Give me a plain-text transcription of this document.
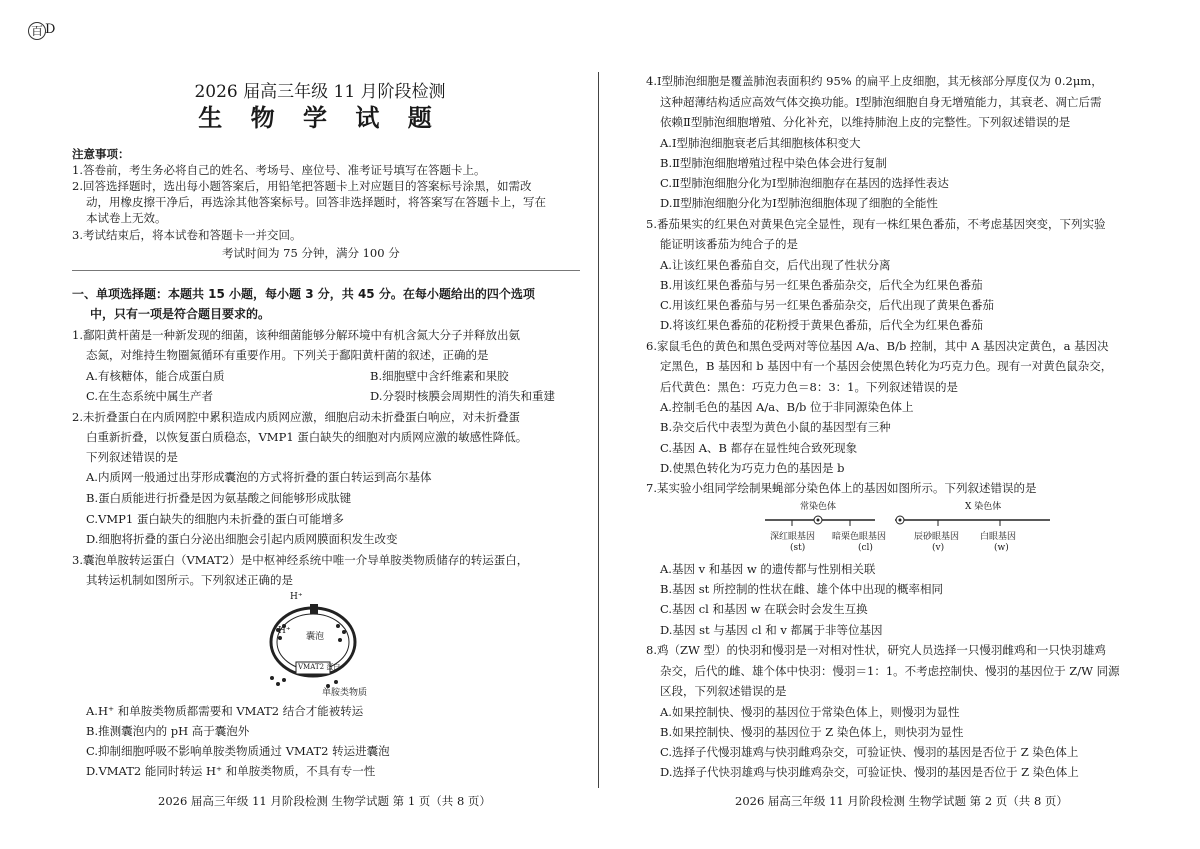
百 D
2026 届高三年级 11 月阶段检测
生 物 学 试 题
注意事项：
1.答卷前，考生务必将自己的姓名、考场号、座位号、准考证号填写在答题卡上。
2.回答选择题时，选出每小题答案后，用铅笔把答题卡上对应题目的答案标号涂黑，如需改
动，用橡皮擦干净后，再选涂其他答案标号。回答非选择题时，将答案写在答题卡上，写在
本试卷上无效。
3.考试结束后，将本试卷和答题卡一并交回。
考试时间为 75 分钟，满分 100 分
一、单项选择题：本题共 15 小题，每小题 3 分，共 45 分。在每小题给出的四个选项
中，只有一项是符合题目要求的。
1.鄱阳黄杆菌是一种新发现的细菌，该种细菌能够分解环境中有机含氮大分子并释放出氨
态氮，对维持生物圈氮循环有重要作用。下列关于鄱阳黄杆菌的叙述，正确的是
A.有核糖体，能合成蛋白质	B.细胞壁中含纤维素和果胶
C.在生态系统中属生产者	D.分裂时核膜会周期性的消失和重建
2.未折叠蛋白在内质网腔中累积造成内质网应激，细胞启动未折叠蛋白响应，对未折叠蛋
白重新折叠，以恢复蛋白质稳态，VMP1 蛋白缺失的细胞对内质网应激的敏感性降低。
下列叙述错误的是
A.内质网一般通过出芽形成囊泡的方式将折叠的蛋白转运到高尔基体
B.蛋白质能进行折叠是因为氨基酸之间能够形成肽键
C.VMP1 蛋白缺失的细胞内未折叠的蛋白可能增多
D.细胞将折叠的蛋白分泌出细胞会引起内质网膜面积发生改变
3.囊泡单胺转运蛋白（VMAT2）是中枢神经系统中唯一介导单胺类物质储存的转运蛋白，
其转运机制如图所示。下列叙述正确的是
H⁺
H⁺
囊泡
VMAT2 蛋白
单胺类物质
A.H⁺ 和单胺类物质都需要和 VMAT2 结合才能被转运
B.推测囊泡内的 pH 高于囊泡外
C.抑制细胞呼吸不影响单胺类物质通过 VMAT2 转运进囊泡
D.VMAT2 能同时转运 H⁺ 和单胺类物质，不具有专一性
2026 届高三年级 11 月阶段检测 生物学试题 第 1 页（共 8 页）
4.Ⅰ型肺泡细胞是覆盖肺泡表面积约 95% 的扁平上皮细胞，其无核部分厚度仅为 0.2μm，
这种超薄结构适应高效气体交换功能。Ⅰ型肺泡细胞自身无增殖能力，其衰老、凋亡后需
依赖Ⅱ型肺泡细胞增殖、分化补充，以维持肺泡上皮的完整性。下列叙述错误的是
A.Ⅰ型肺泡细胞衰老后其细胞核体积变大
B.Ⅱ型肺泡细胞增殖过程中染色体会进行复制
C.Ⅱ型肺泡细胞分化为Ⅰ型肺泡细胞存在基因的选择性表达
D.Ⅱ型肺泡细胞分化为Ⅰ型肺泡细胞体现了细胞的全能性
5.番茄果实的红果色对黄果色完全显性，现有一株红果色番茄，不考虑基因突变，下列实验
能证明该番茄为纯合子的是
A.让该红果色番茄自交，后代出现了性状分离
B.用该红果色番茄与另一红果色番茄杂交，后代全为红果色番茄
C.用该红果色番茄与另一红果色番茄杂交，后代出现了黄果色番茄
D.将该红果色番茄的花粉授于黄果色番茄，后代全为红果色番茄
6.家鼠毛色的黄色和黑色受两对等位基因 A/a、B/b 控制，其中 A 基因决定黄色，a 基因决
定黑色，B 基因和 b 基因中有一个基因会使黑色转化为巧克力色。现有一对黄色鼠杂交，
后代黄色：黑色：巧克力色＝8：3：1。下列叙述错误的是
A.控制毛色的基因 A/a、B/b 位于非同源染色体上
B.杂交后代中表型为黄色小鼠的基因型有三种
C.基因 A、B 都存在显性纯合致死现象
D.使黑色转化为巧克力色的基因是 b
7.某实验小组同学绘制果蝇部分染色体上的基因如图所示。下列叙述错误的是
常染色体	X 染色体
深红眼基因
(st)
暗栗色眼基因
(cl)
辰砂眼基因
(v)
白眼基因
(w)
A.基因 v 和基因 w 的遗传都与性别相关联
B.基因 st 所控制的性状在雌、雄个体中出现的概率相同
C.基因 cl 和基因 w 在联会时会发生互换
D.基因 st 与基因 cl 和 v 都属于非等位基因
8.鸡（ZW 型）的快羽和慢羽是一对相对性状，研究人员选择一只慢羽雌鸡和一只快羽雄鸡
杂交，后代的雌、雄个体中快羽：慢羽＝1：1。不考虑控制快、慢羽的基因位于 Z/W 同源
区段，下列叙述错误的是
A.如果控制快、慢羽的基因位于常染色体上，则慢羽为显性
B.如果控制快、慢羽的基因位于 Z 染色体上，则快羽为显性
C.选择子代慢羽雄鸡与快羽雌鸡杂交，可验证快、慢羽的基因是否位于 Z 染色体上
D.选择子代快羽雄鸡与快羽雌鸡杂交，可验证快、慢羽的基因是否位于 Z 染色体上
2026 届高三年级 11 月阶段检测 生物学试题 第 2 页（共 8 页）
